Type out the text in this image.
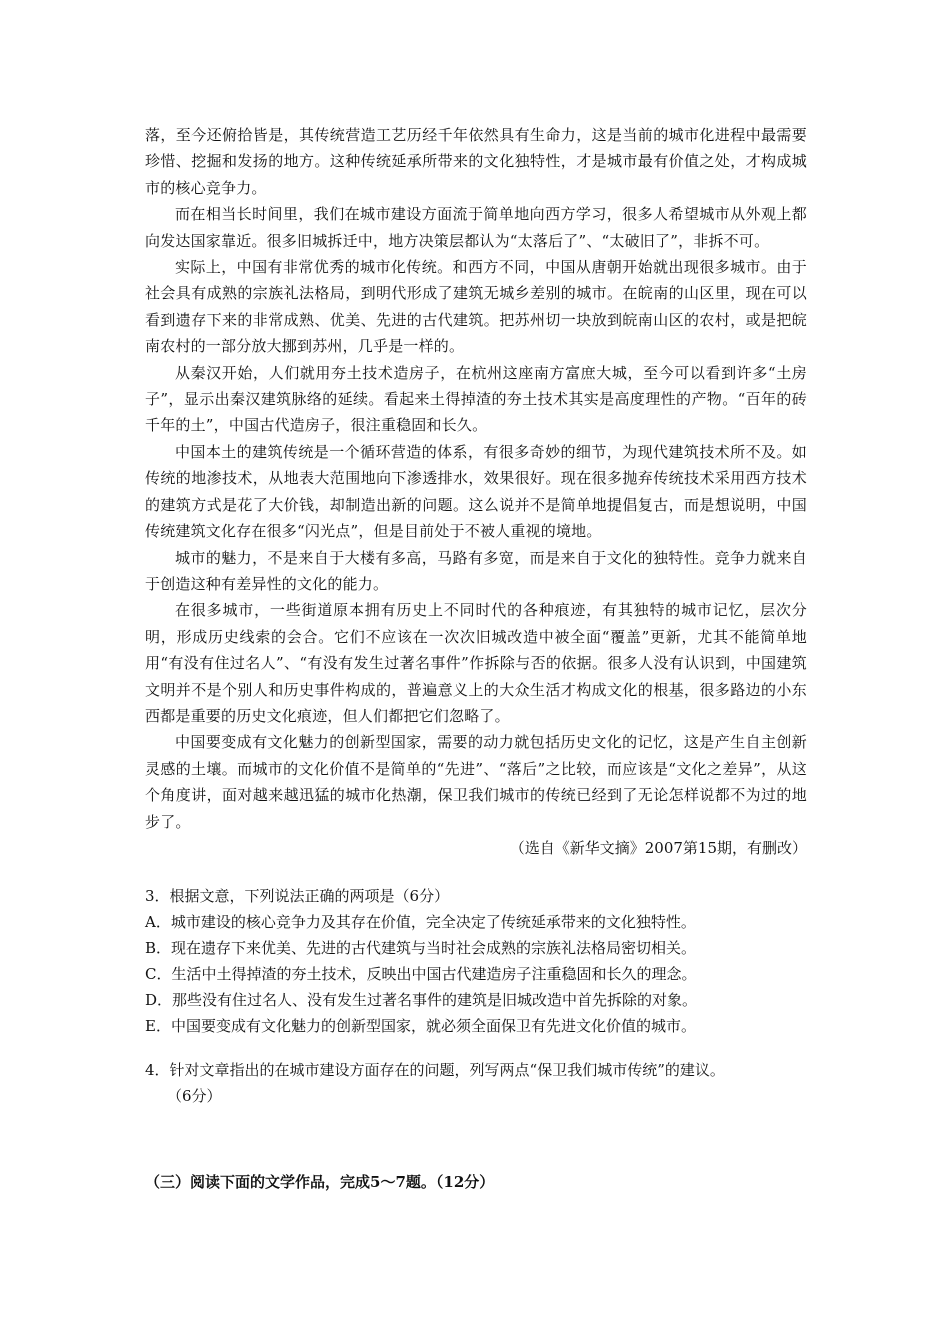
落，至今还俯拾皆是，其传统营造工艺历经千年依然具有生命力，这是当前的城市化进程中最需要珍惜、挖掘和发扬的地方。这种传统延承所带来的文化独特性，才是城市最有价值之处，才构成城市的核心竞争力。

而在相当长时间里，我们在城市建设方面流于简单地向西方学习，很多人希望城市从外观上都向发达国家靠近。很多旧城拆迁中，地方决策层都认为“太落后了”、“太破旧了”，非拆不可。

实际上，中国有非常优秀的城市化传统。和西方不同，中国从唐朝开始就出现很多城市。由于社会具有成熟的宗族礼法格局，到明代形成了建筑无城乡差别的城市。在皖南的山区里，现在可以看到遗存下来的非常成熟、优美、先进的古代建筑。把苏州切一块放到皖南山区的农村，或是把皖南农村的一部分放大挪到苏州，几乎是一样的。

从秦汉开始，人们就用夯土技术造房子，在杭州这座南方富庶大城，至今可以看到许多“土房子”，显示出秦汉建筑脉络的延续。看起来土得掉渣的夯土技术其实是高度理性的产物。“百年的砖千年的土”，中国古代造房子，很注重稳固和长久。

中国本土的建筑传统是一个循环营造的体系，有很多奇妙的细节，为现代建筑技术所不及。如传统的地渗技术，从地表大范围地向下渗透排水，效果很好。现在很多抛弃传统技术采用西方技术的建筑方式是花了大价钱，却制造出新的问题。这么说并不是简单地提倡复古，而是想说明，中国传统建筑文化存在很多“闪光点”，但是目前处于不被人重视的境地。

城市的魅力，不是来自于大楼有多高，马路有多宽，而是来自于文化的独特性。竞争力就来自于创造这种有差异性的文化的能力。

在很多城市，一些街道原本拥有历史上不同时代的各种痕迹，有其独特的城市记忆，层次分明，形成历史线索的会合。它们不应该在一次次旧城改造中被全面“覆盖”更新，尤其不能简单地用“有没有住过名人”、“有没有发生过著名事件”作拆除与否的依据。很多人没有认识到，中国建筑文明并不是个别人和历史事件构成的，普遍意义上的大众生活才构成文化的根基，很多路边的小东西都是重要的历史文化痕迹，但人们都把它们忽略了。

中国要变成有文化魅力的创新型国家，需要的动力就包括历史文化的记忆，这是产生自主创新灵感的土壤。而城市的文化价值不是简单的“先进”、“落后”之比较，而应该是“文化之差异”，从这个角度讲，面对越来越迅猛的城市化热潮，保卫我们城市的传统已经到了无论怎样说都不为过的地步了。

（选自《新华文摘》2007第15期，有删改）

3．根据文意，下列说法正确的两项是（6分）

A．城市建设的核心竞争力及其存在价值，完全决定了传统延承带来的文化独特性。

B．现在遗存下来优美、先进的古代建筑与当时社会成熟的宗族礼法格局密切相关。

C．生活中土得掉渣的夯土技术，反映出中国古代建造房子注重稳固和长久的理念。

D．那些没有住过名人、没有发生过著名事件的建筑是旧城改造中首先拆除的对象。

E．中国要变成有文化魅力的创新型国家，就必须全面保卫有先进文化价值的城市。

4．针对文章指出的在城市建设方面存在的问题，列写两点“保卫我们城市传统”的建议。

（6分）

（三）阅读下面的文学作品，完成5～7题。（12分）
